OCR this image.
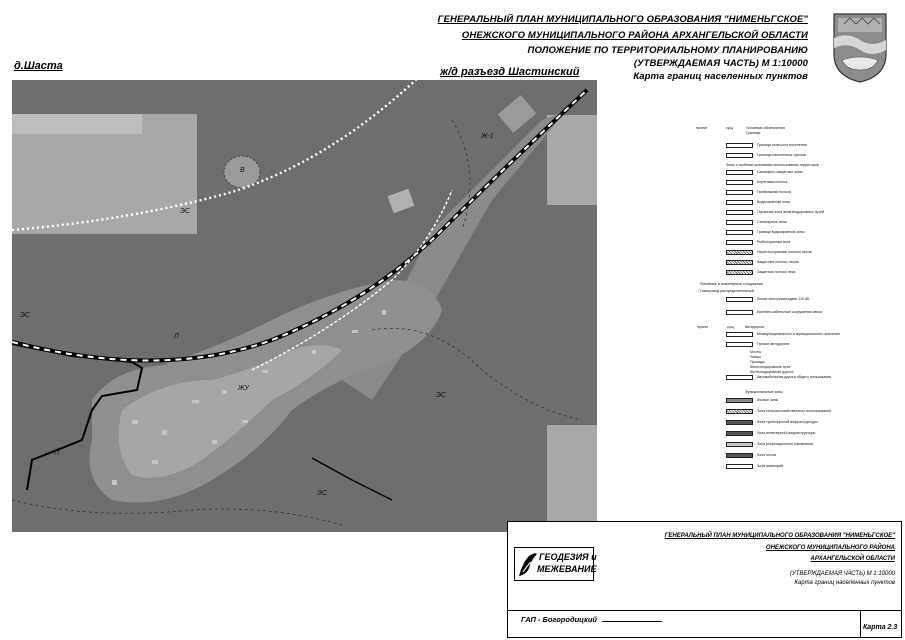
ГЕНЕРАЛЬНЫЙ ПЛАН МУНИЦИПАЛЬНОГО ОБРАЗОВАНИЯ "НИМЕНЬГСКОЕ"
ОНЕЖСКОГО МУНИЦИПАЛЬНОГО РАЙОНА АРХАНГЕЛЬСКОЙ ОБЛАСТИ
ПОЛОЖЕНИЕ ПО ТЕРРИТОРИАЛЬНОМУ ПЛАНИРОВАНИЮ
(УТВЕРЖДАЕМАЯ ЧАСТЬ) М 1:10000
Карта границ населенных пунктов
д.Шаста	ж/д разъезд Шастинский
ЭС
ЭС
ЭС
ЭС
В
Л
Ж-1
ЖУ
П
проект	сущ.	Условные обозначения
Границы
Граница сельского поселения
Границы населенных пунктов
Зоны с особыми условиями использования территории
Санитарно-защитные зоны
Береговая полоса
Прибрежная полоса
Водоохранная зона
Охранная зона железнодорожных путей
Санитарные зоны
Граница водоохранной зоны
Рыбоохранная зона
Нерестоохранные полосы лесов
Защитные полосы лесов
Защитная полоса леса
Линейные и инженерные сооружения
Газопровод распределительный
Линии электропередачи 110 кВ
Линейно-кабельные сооружения связи
проект	сущ.	Автодороги
Межмуниципального и муниципального значения
Прочие автодороги
Мосты
Улицы
Проезды
Железнодорожные пути
Железнодорожная дорога
Автомобильная дорога общего пользования
Функциональные зоны
Жилые зоны
Зона сельскохозяйственного использования
Зона транспортной инфраструктуры
Зона инженерной инфраструктуры
Зона рекреационного назначения
Зона лесов
Зона акваторий
ГЕНЕРАЛЬНЫЙ ПЛАН МУНИЦИПАЛЬНОГО ОБРАЗОВАНИЯ "НИМЕНЬГСКОЕ"
ОНЕЖСКОГО МУНИЦИПАЛЬНОГО РАЙОНА
АРХАНГЕЛЬСКОЙ ОБЛАСТИ
(УТВЕРЖДАЕМАЯ ЧАСТЬ) М 1:10000
Карта границ населенных пунктов
ГЕОДЕЗИЯ и
МЕЖЕВАНИЕ
ГАП - Богородицкий
Карта 2.3
